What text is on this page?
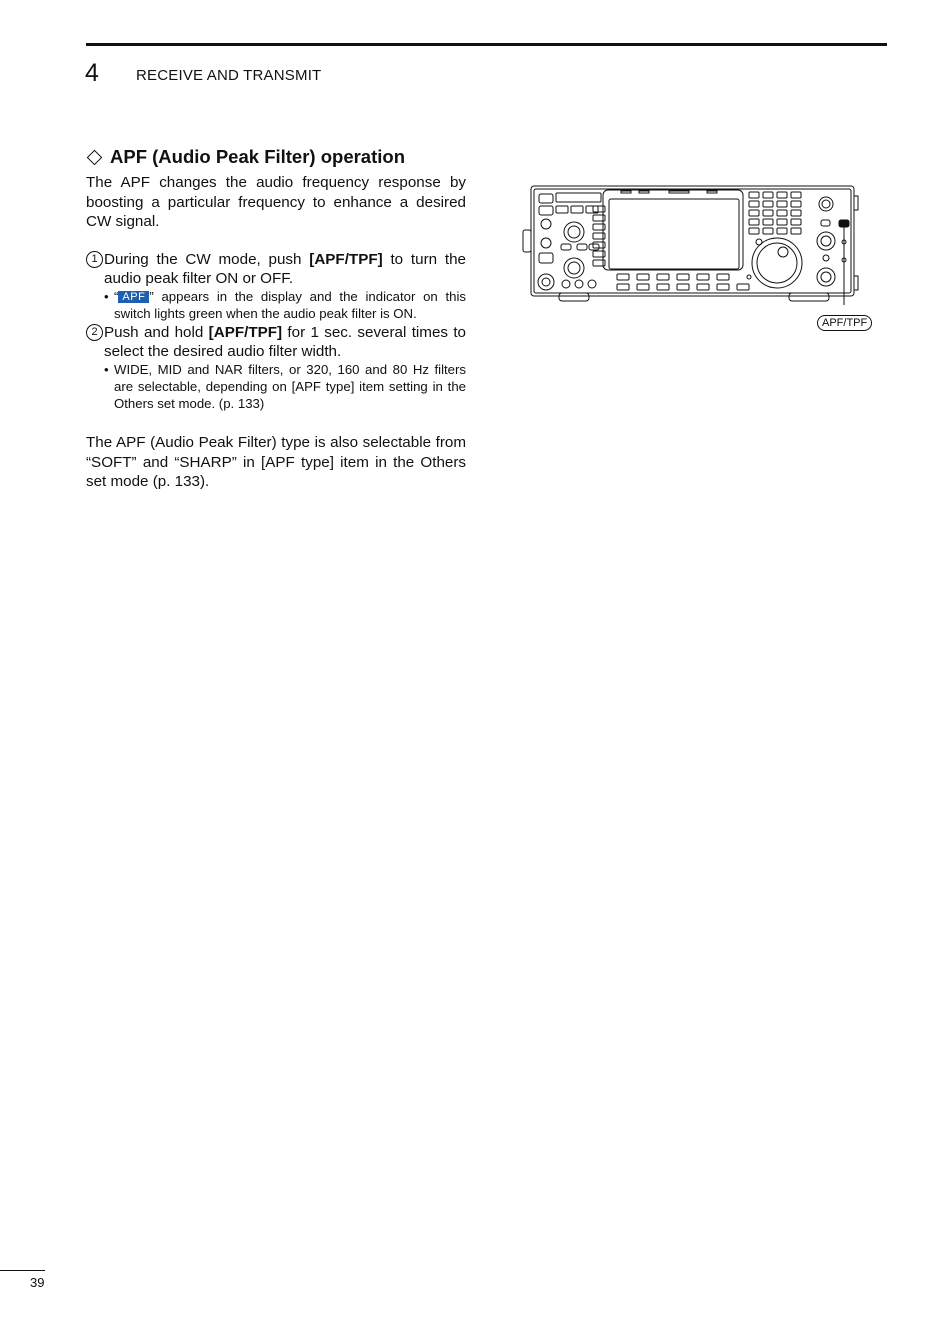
4 RECEIVE AND TRANSMIT
APF (Audio Peak Filter) operation

The APF changes the audio frequency response by boosting a particular frequency to enhance a desired CW signal.

1 During the CW mode, push [APF/TPF] to turn the audio peak filter ON or OFF.
• “ APF ” appears in the display and the indicator on this switch lights green when the audio peak filter is ON.
2 Push and hold [APF/TPF] for 1 sec. several times to select the desired audio filter width.
• WIDE, MID and NAR filters, or 320, 160 and 80 Hz filters are selectable, depending on [APF type] item setting in the Others set mode. (p. 133)

The APF (Audio Peak Filter) type is also selectable from “SOFT” and “SHARP” in [APF type] item in the Others set mode (p. 133).

APF/TPF
39
